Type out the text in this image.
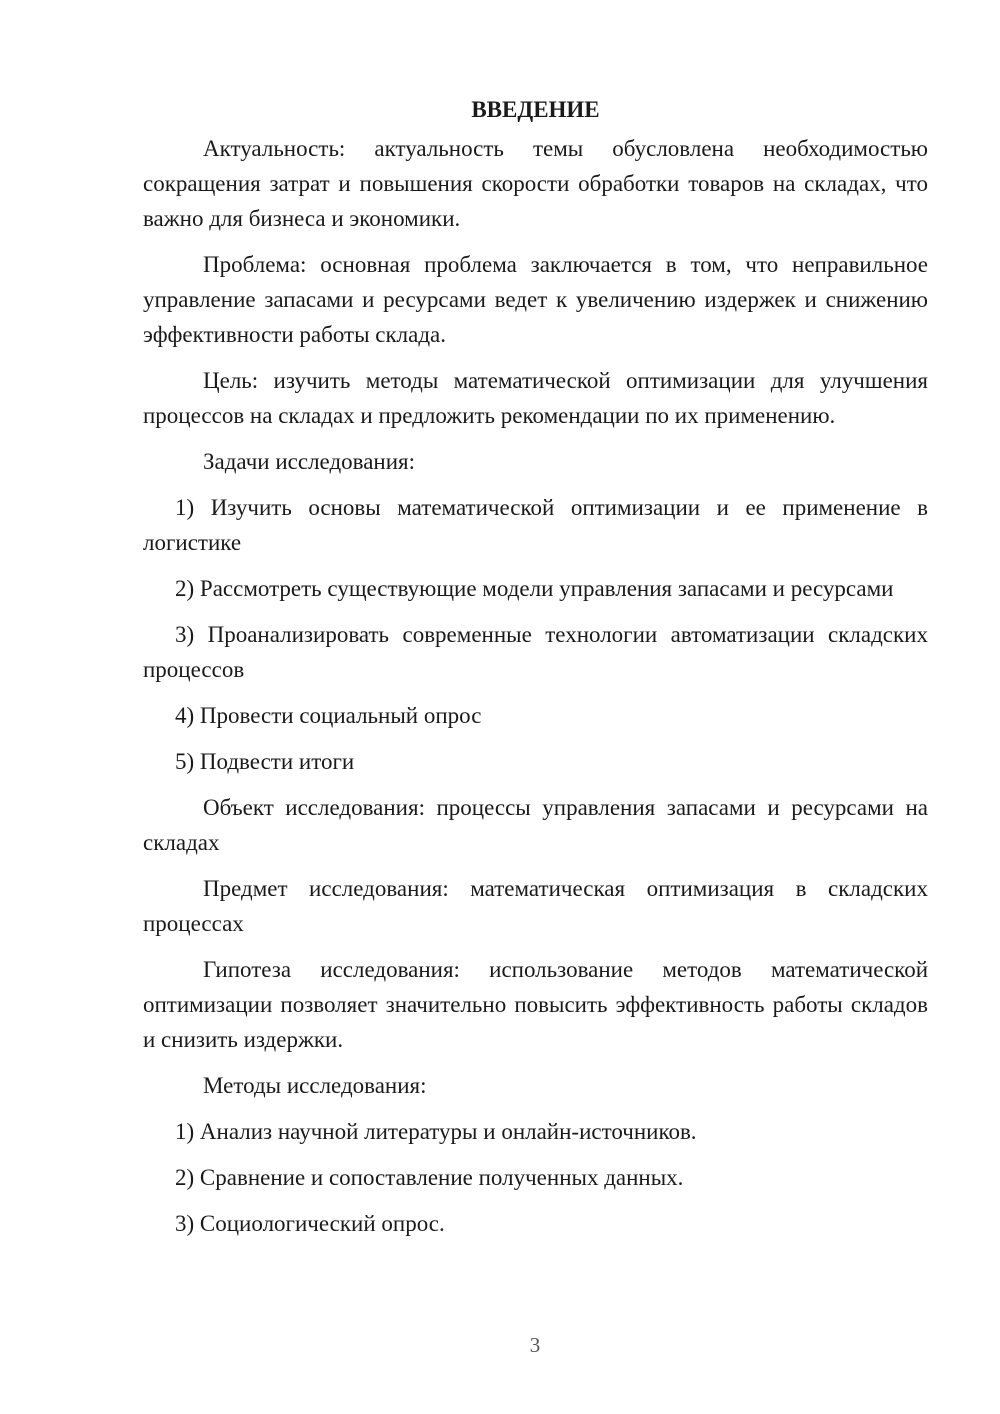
ВВЕДЕНИЕ

Актуальность: актуальность темы обусловлена необходимостью сокращения затрат и повышения скорости обработки товаров на складах, что важно для бизнеса и экономики.

Проблема: основная проблема заключается в том, что неправильное управление запасами и ресурсами ведет к увеличению издержек и снижению эффективности работы склада.

Цель: изучить методы математической оптимизации для улучшения процессов на складах и предложить рекомендации по их применению.

Задачи исследования:

1) Изучить основы математической оптимизации и ее применение в логистике

2) Рассмотреть существующие модели управления запасами и ресурсами

3) Проанализировать современные технологии автоматизации складских процессов

4) Провести социальный опрос

5) Подвести итоги

Объект исследования: процессы управления запасами и ресурсами на складах

Предмет исследования: математическая оптимизация в складских процессах

Гипотеза исследования: использование методов математической оптимизации позволяет значительно повысить эффективность работы складов и снизить издержки.

Методы исследования:

1) Анализ научной литературы и онлайн-источников.

2) Сравнение и сопоставление полученных данных.

3) Социологический опрос.

3
